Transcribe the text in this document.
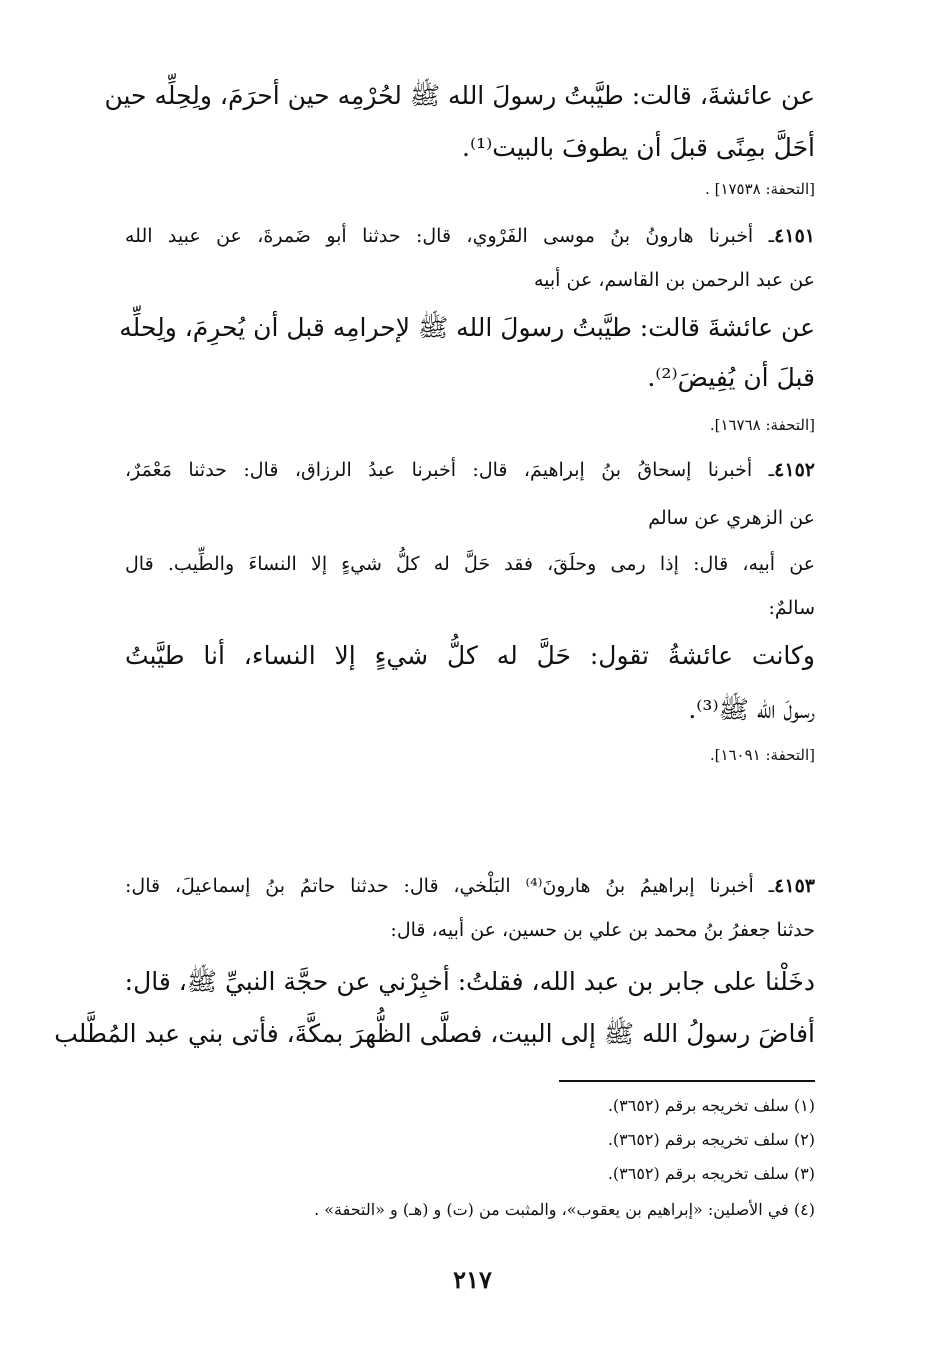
عن عائشةَ، قالت: طيَّبتُ رسولَ الله ﷺ لحُرْمِه حين أحرَمَ، ولِحِلِّه حين
أحَلَّ بمِنًى قبلَ أن يطوفَ بالبيت⁽¹⁾.
[التحفة: ١٧٥٣٨] .
٤١٥١ـ أخبرنا هارونُ بنُ موسى الفَرْوي، قال: حدثنا أبو ضَمرةَ، عن عبيد الله
عن عبد الرحمن بن القاسم، عن أبيه
عن عائشةَ قالت: طيَّبتُ رسولَ الله ﷺ لإحرامِه قبل أن يُحرِمَ، ولِحلِّه
قبلَ أن يُفِيضَ⁽²⁾.
[التحفة: ١٦٧٦٨].
٤١٥٢ـ أخبرنا إسحاقُ بنُ إبراهيمَ، قال: أخبرنا عبدُ الرزاق، قال: حدثنا مَعْمَرٌ،
عن الزهري عن سالم
عن أبيه، قال: إذا رمى وحلَقَ، فقد حَلَّ له كلُّ شيءٍ إلا النساءَ والطِّيب. قال
سالمٌ:
وكانت عائشةُ تقول: حَلَّ له كلُّ شيءٍ إلا النساء، أنا طيَّبتُ
رسولَ الله ﷺ⁽³⁾.
[التحفة: ١٦٠٩١].
٤١٥٣ـ أخبرنا إبراهيمُ بنُ هارونَ⁽⁴⁾ البَلْخي، قال: حدثنا حاتمُ بنُ إسماعيلَ، قال:
حدثنا جعفرُ بنُ محمد بن علي بن حسين، عن أبيه، قال:
دخَلْنا على جابر بن عبد الله، فقلتُ: أخبِرْني عن حجَّة النبيِّ ﷺ، قال:
أفاضَ رسولُ الله ﷺ إلى البيت، فصلَّى الظُّهرَ بمكَّةَ، فأتى بني عبد المُطَّلب
(١) سلف تخريجه برقم (٣٦٥٢).
(٢) سلف تخريجه برقم (٣٦٥٢).
(٣) سلف تخريجه برقم (٣٦٥٢).
(٤) في الأصلين: «إبراهيم بن يعقوب»، والمثبت من (ت) و (هـ) و «التحفة» .
٢١٧
